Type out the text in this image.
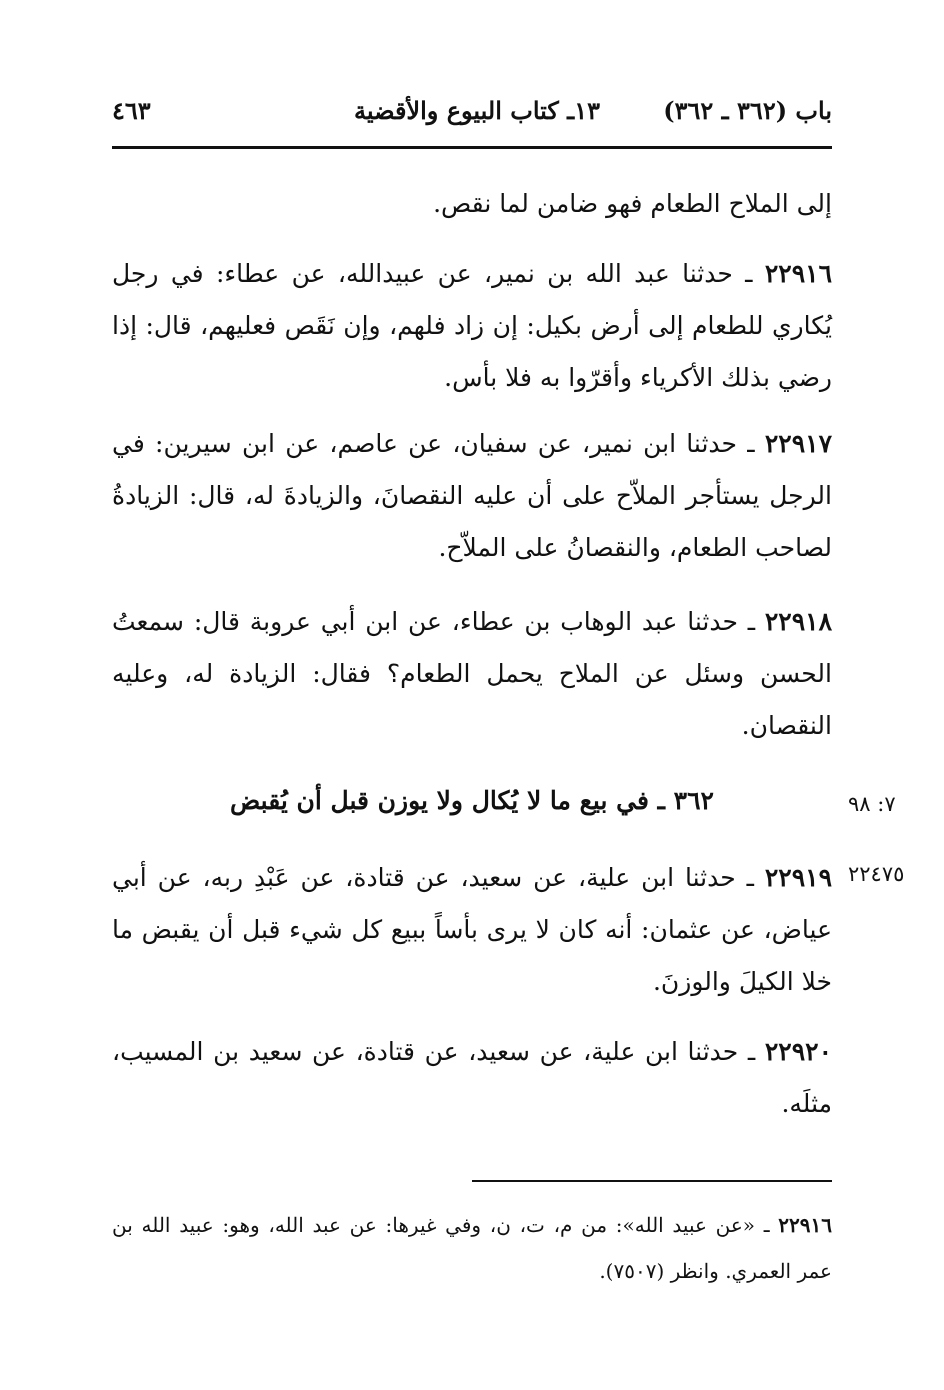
باب (٣٦٢ ـ ٣٦٢)
١٣ـ كتاب البيوع والأقضية
٤٦٣

إلى الملاح الطعام فهو ضامن لما نقص.

٢٢٩١٦ ـ حدثنا عبد الله بن نمير، عن عبيدالله، عن عطاء: في رجل يُكاري للطعام إلى أرض بكيل: إن زاد فلهم، وإن نَقَص فعليهم، قال: إذا رضي بذلك الأكرياء وأقرّوا به فلا بأس.

٢٢٩١٧ ـ حدثنا ابن نمير، عن سفيان، عن عاصم، عن ابن سيرين: في الرجل يستأجر الملاّح على أن عليه النقصانَ، والزيادةَ له، قال: الزيادةُ لصاحب الطعام، والنقصانُ على الملاّح.

٢٢٩١٨ ـ حدثنا عبد الوهاب بن عطاء، عن ابن أبي عروبة قال: سمعتُ الحسن وسئل عن الملاح يحمل الطعام؟ فقال: الزيادة له، وعليه النقصان.

٧: ٩٨
٣٦٢ ـ في بيع ما لا يُكال ولا يوزن قبل أن يُقبض
٢٢٤٧٥

٢٢٩١٩ ـ حدثنا ابن علية، عن سعيد، عن قتادة، عن عَبْدِ ربه، عن أبي عياض، عن عثمان: أنه كان لا يرى بأساً ببيع كل شيء قبل أن يقبض ما خلا الكيلَ والوزنَ.

٢٢٩٢٠ ـ حدثنا ابن علية، عن سعيد، عن قتادة، عن سعيد بن المسيب، مثلَه.

٢٢٩١٦ ـ «عن عبيد الله»: من م، ت، ن، وفي غيرها: عن عبد الله، وهو: عبيد الله بن عمر العمري. وانظر (٧٥٠٧).
